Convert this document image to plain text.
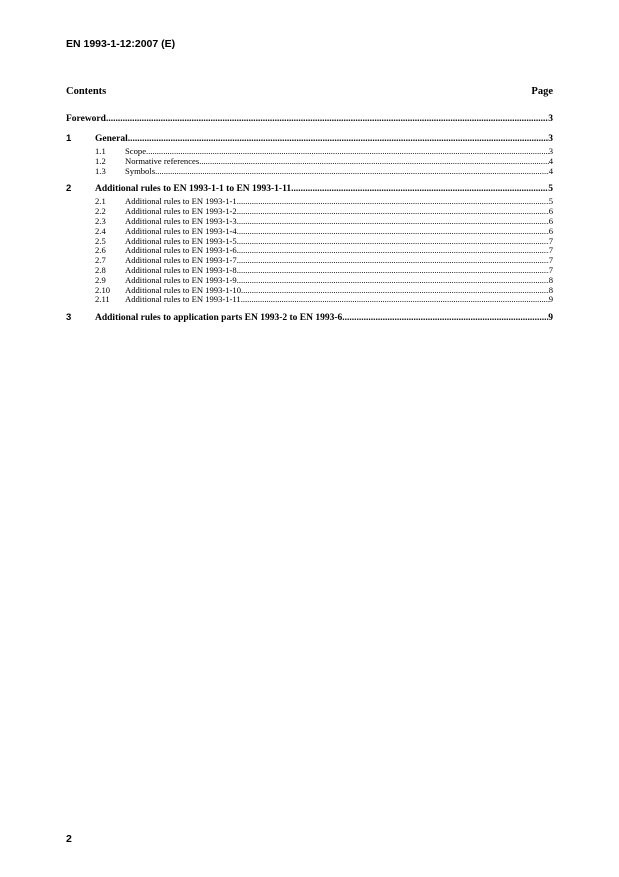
EN 1993-1-12:2007 (E)
Contents	Page
Foreword .....	3
1	General .....	3
1.1	Scope .....	3
1.2	Normative references .....	4
1.3	Symbols .....	4
2	Additional rules to EN 1993-1-1 to EN 1993-1-11 .....	5
2.1	Additional rules to EN 1993-1-1 .....	5
2.2	Additional rules to EN 1993-1-2 .....	6
2.3	Additional rules to EN 1993-1-3 .....	6
2.4	Additional rules to EN 1993-1-4 .....	6
2.5	Additional rules to EN 1993-1-5 .....	7
2.6	Additional rules to EN 1993-1-6 .....	7
2.7	Additional rules to EN 1993-1-7 .....	7
2.8	Additional rules to EN 1993-1-8 .....	7
2.9	Additional rules to EN 1993-1-9 .....	8
2.10	Additional rules to EN 1993-1-10 .....	8
2.11	Additional rules to EN 1993-1-11 .....	9
3	Additional rules to application parts EN 1993-2 to EN 1993-6 .....	9
2
